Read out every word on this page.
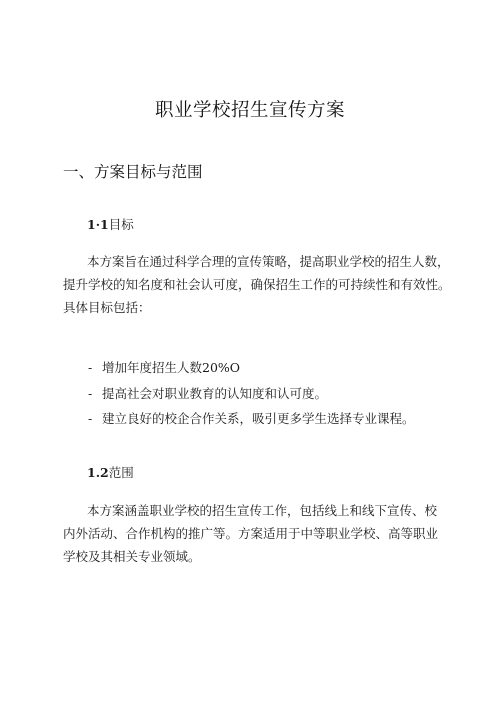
职业学校招生宣传方案
一、方案目标与范围
1·1目标
本方案旨在通过科学合理的宣传策略，提高职业学校的招生人数，
提升学校的知名度和社会认可度，确保招生工作的可持续性和有效性。
具体目标包括：
- 增加年度招生人数20%O
- 提高社会对职业教育的认知度和认可度。
- 建立良好的校企合作关系，吸引更多学生选择专业课程。
1.2范围
本方案涵盖职业学校的招生宣传工作，包括线上和线下宣传、校
内外活动、合作机构的推广等。方案适用于中等职业学校、高等职业
学校及其相关专业领域。
